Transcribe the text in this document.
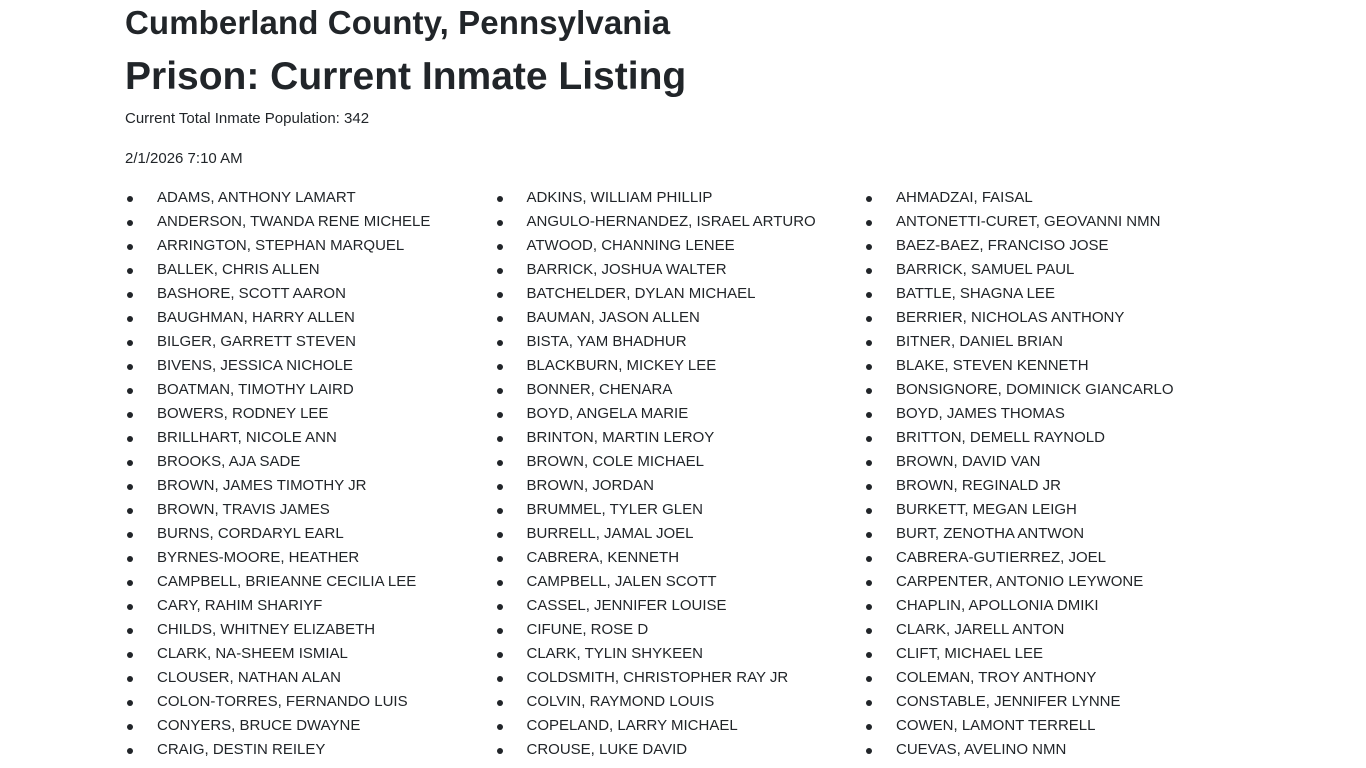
Cumberland County, Pennsylvania
Prison: Current Inmate Listing
Current Total Inmate Population: 342
2/1/2026 7:10 AM
ADAMS, ANTHONY LAMART	ADKINS, WILLIAM PHILLIP	AHMADZAI, FAISAL
ANDERSON, TWANDA RENE MICHELE	ANGULO-HERNANDEZ, ISRAEL ARTURO	ANTONETTI-CURET, GEOVANNI NMN
ARRINGTON, STEPHAN MARQUEL	ATWOOD, CHANNING LENEE	BAEZ-BAEZ, FRANCISO JOSE
BALLEK, CHRIS ALLEN	BARRICK, JOSHUA WALTER	BARRICK, SAMUEL PAUL
BASHORE, SCOTT AARON	BATCHELDER, DYLAN MICHAEL	BATTLE, SHAGNA LEE
BAUGHMAN, HARRY ALLEN	BAUMAN, JASON ALLEN	BERRIER, NICHOLAS ANTHONY
BILGER, GARRETT STEVEN	BISTA, YAM BHADHUR	BITNER, DANIEL BRIAN
BIVENS, JESSICA NICHOLE	BLACKBURN, MICKEY LEE	BLAKE, STEVEN KENNETH
BOATMAN, TIMOTHY LAIRD	BONNER, CHENARA	BONSIGNORE, DOMINICK GIANCARLO
BOWERS, RODNEY LEE	BOYD, ANGELA MARIE	BOYD, JAMES THOMAS
BRILLHART, NICOLE ANN	BRINTON, MARTIN LEROY	BRITTON, DEMELL RAYNOLD
BROOKS, AJA SADE	BROWN, COLE MICHAEL	BROWN, DAVID VAN
BROWN, JAMES TIMOTHY JR	BROWN, JORDAN	BROWN, REGINALD JR
BROWN, TRAVIS JAMES	BRUMMEL, TYLER GLEN	BURKETT, MEGAN LEIGH
BURNS, CORDARYL EARL	BURRELL, JAMAL JOEL	BURT, ZENOTHA ANTWON
BYRNES-MOORE, HEATHER	CABRERA, KENNETH	CABRERA-GUTIERREZ, JOEL
CAMPBELL, BRIEANNE CECILIA LEE	CAMPBELL, JALEN SCOTT	CARPENTER, ANTONIO LEYWONE
CARY, RAHIM SHARIYF	CASSEL, JENNIFER LOUISE	CHAPLIN, APOLLONIA DMIKI
CHILDS, WHITNEY ELIZABETH	CIFUNE, ROSE D	CLARK, JARELL ANTON
CLARK, NA-SHEEM ISMIAL	CLARK, TYLIN SHYKEEN	CLIFT, MICHAEL LEE
CLOUSER, NATHAN ALAN	COLDSMITH, CHRISTOPHER RAY JR	COLEMAN, TROY ANTHONY
COLON-TORRES, FERNANDO LUIS	COLVIN, RAYMOND LOUIS	CONSTABLE, JENNIFER LYNNE
CONYERS, BRUCE DWAYNE	COPELAND, LARRY MICHAEL	COWEN, LAMONT TERRELL
CRAIG, DESTIN REILEY	CROUSE, LUKE DAVID	CUEVAS, AVELINO NMN
